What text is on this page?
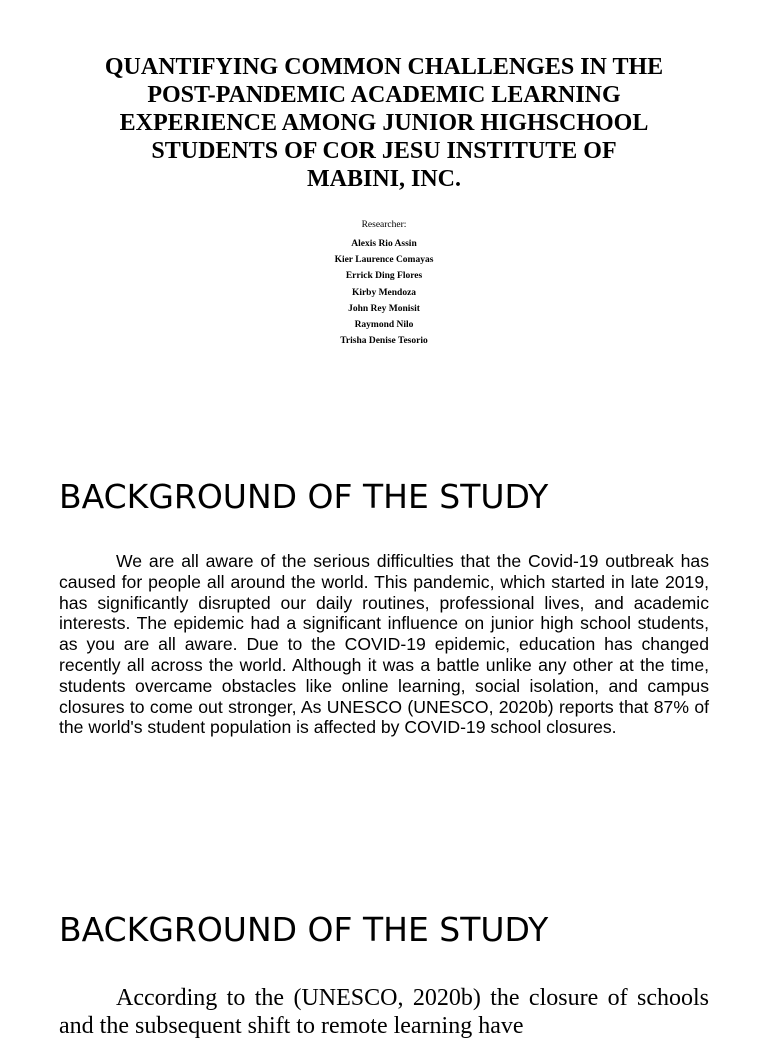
QUANTIFYING COMMON CHALLENGES IN THE POST-PANDEMIC ACADEMIC LEARNING EXPERIENCE AMONG JUNIOR HIGHSCHOOL STUDENTS OF COR JESU INSTITUTE OF MABINI, INC.
Researcher:
Alexis Rio Assin
Kier Laurence Comayas
Errick Ding Flores
Kirby Mendoza
John Rey Monisit
Raymond Nilo
Trisha Denise Tesorio
BACKGROUND OF THE STUDY

We are all aware of the serious difficulties that the Covid-19 outbreak has caused for people all around the world. This pandemic, which started in late 2019, has significantly disrupted our daily routines, professional lives, and academic interests. The epidemic had a significant influence on junior high school students, as you are all aware. Due to the COVID-19 epidemic, education has changed recently all across the world. Although it was a battle unlike any other at the time, students overcame obstacles like online learning, social isolation, and campus closures to come out stronger, As UNESCO (UNESCO, 2020b) reports that 87% of the world's student population is affected by COVID-19 school closures.

BACKGROUND OF THE STUDY

According to the (UNESCO, 2020b) the closure of schools and the subsequent shift to remote learning have
